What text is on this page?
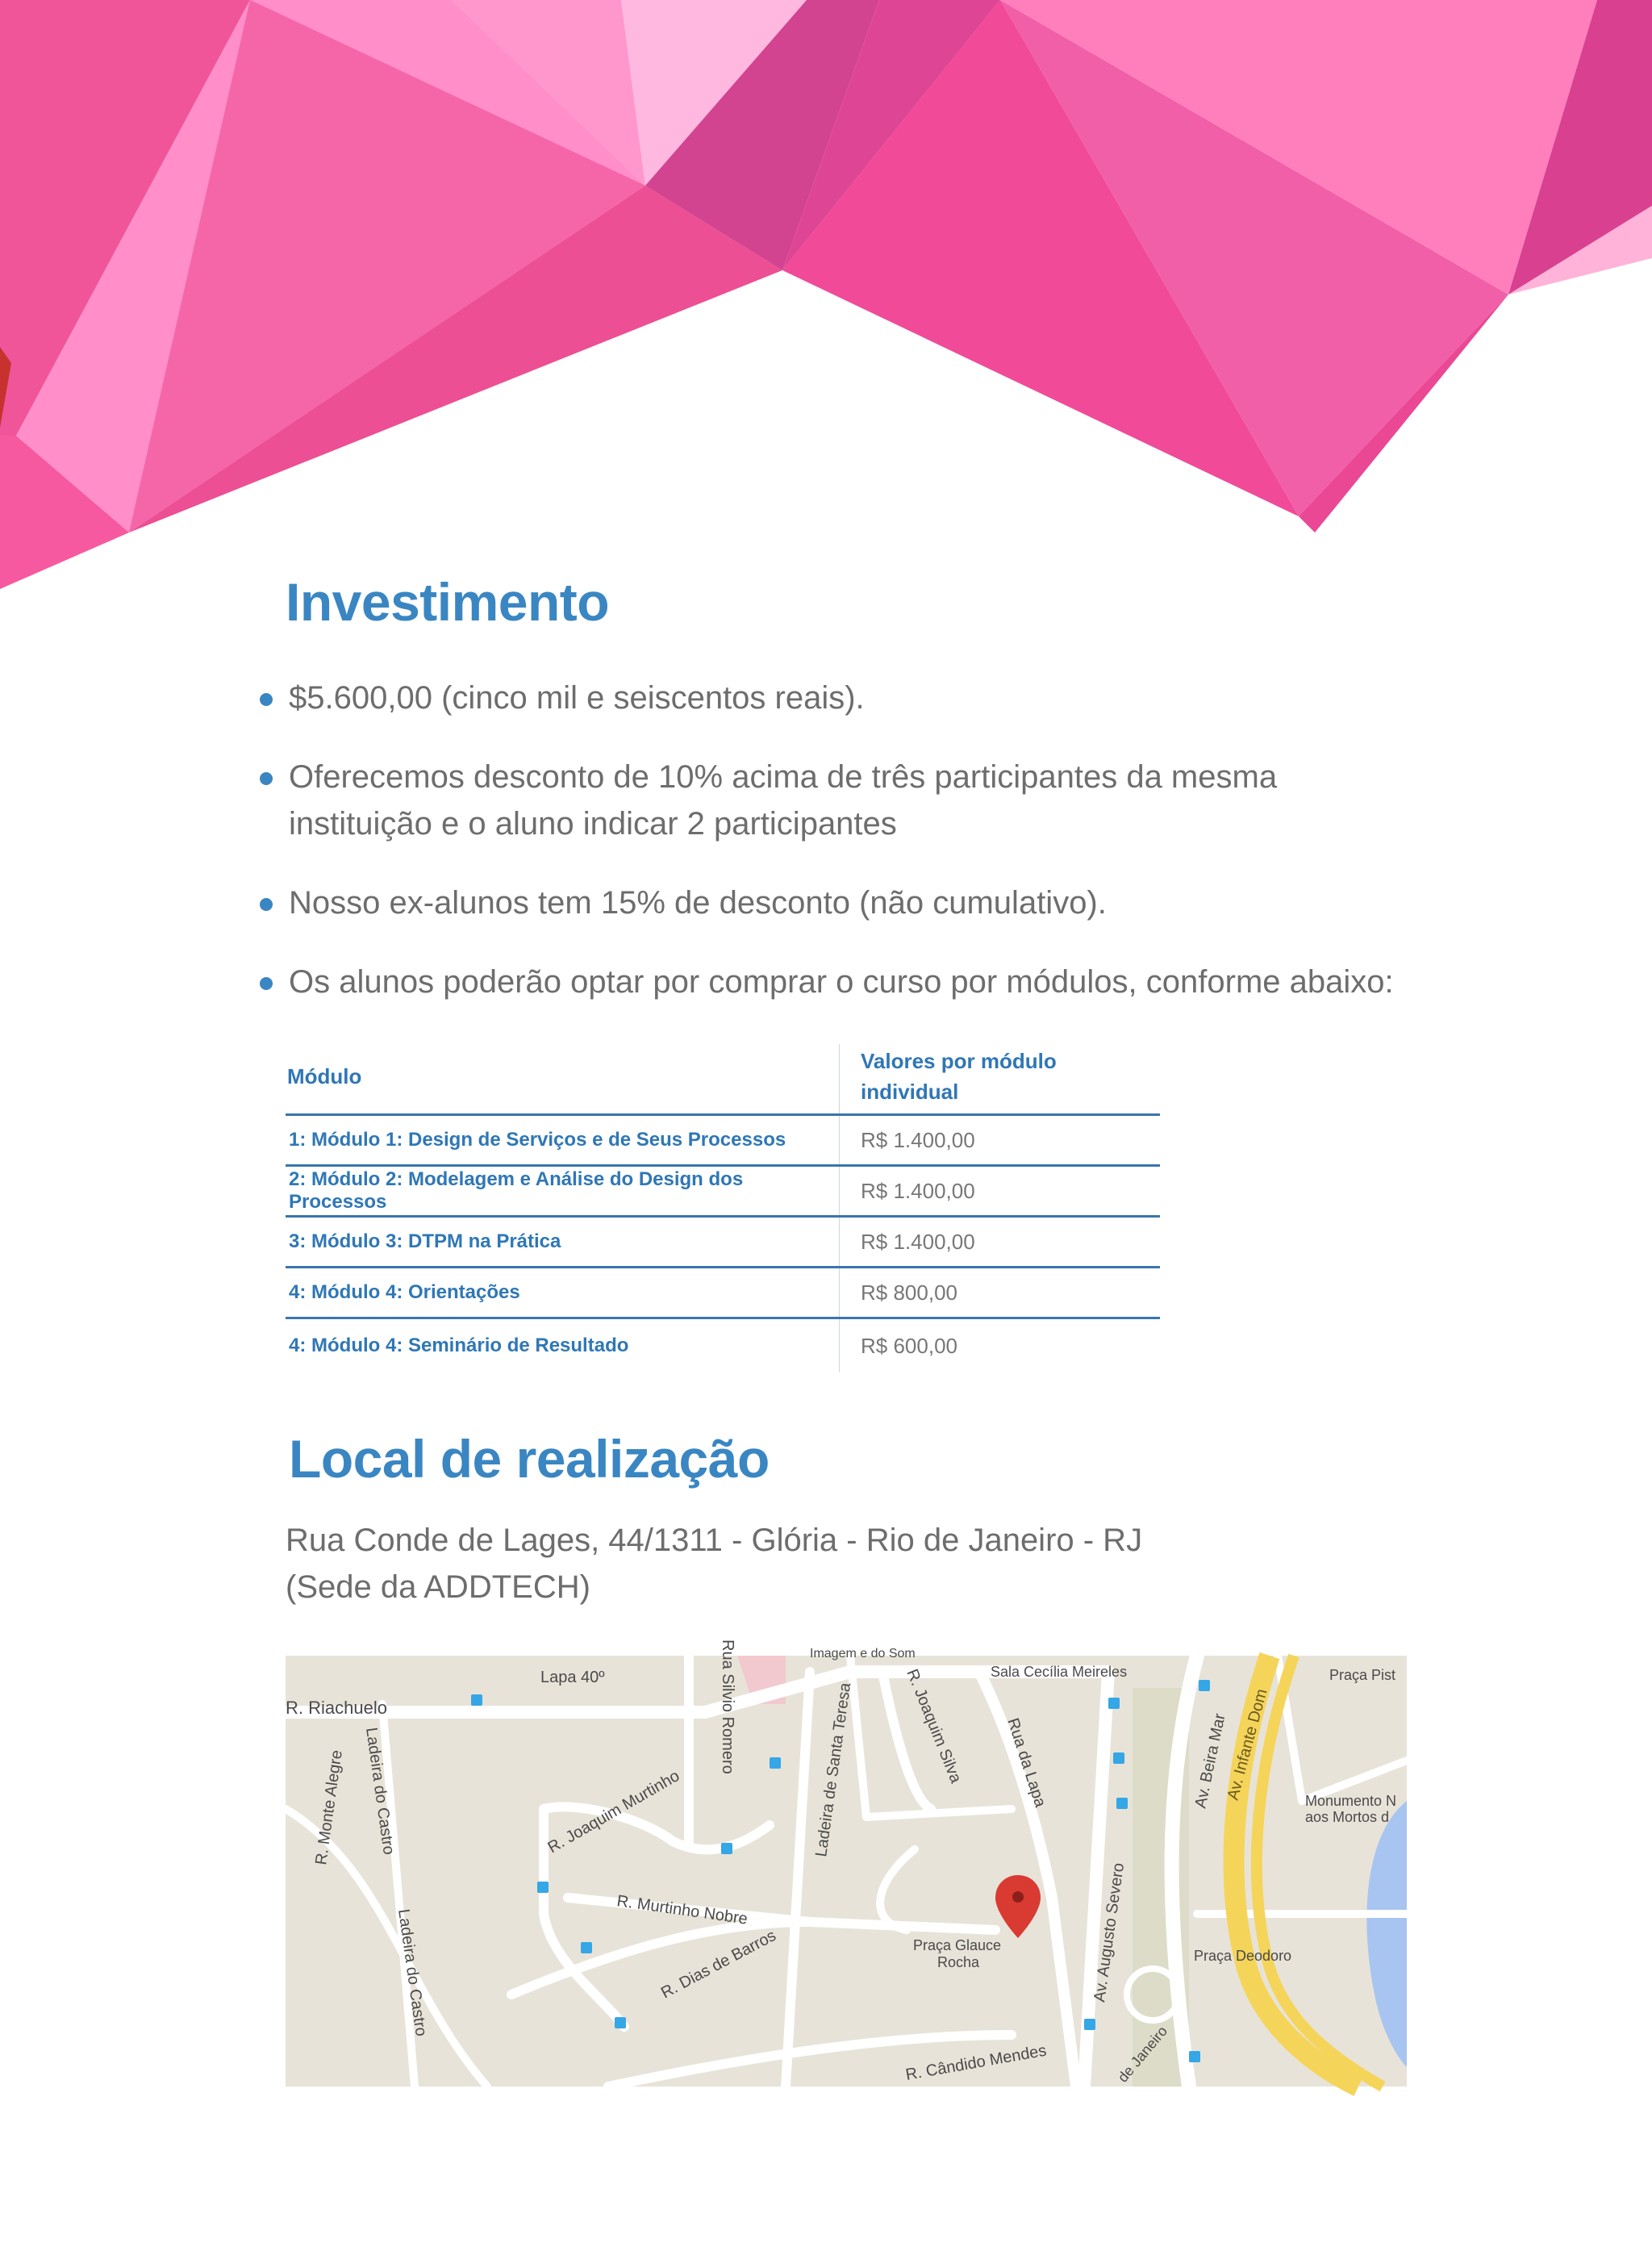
Investimento
$5.600,00 (cinco mil e seiscentos reais).
Oferecemos desconto de 10% acima de três participantes da mesma instituição e o aluno indicar 2 participantes
Nosso ex-alunos tem 15% de desconto (não cumulativo).
Os alunos poderão optar por comprar o curso por módulos, conforme abaixo:
Módulo	Valores por módulo individual
1: Módulo 1: Design de Serviços e de Seus Processos	R$ 1.400,00
2: Módulo 2: Modelagem e Análise do Design dos Processos	R$ 1.400,00
3: Módulo 3: DTPM na Prática	R$ 1.400,00
4: Módulo 4: Orientações	R$ 800,00
4: Módulo 4: Seminário de Resultado	R$ 600,00
Local de realização

Rua Conde de Lages, 44/1311 - Glória - Rio de Janeiro - RJ
(Sede da ADDTECH)

Lapa 40º
R. Riachuelo
R. Monte Alegre Ladeira do Castro
Ladeira do Castro
R. Joaquim Murtinho
R. Murtinho Nobre
R. Dias de Barros
Rua Silvio Romero	Ladeira de Santa Teresa	R. Joaquim Silva Rua da Lapa
Sala Cecília Meireles
Av. Augusto Severo
Av. Beira Mar
Av. Infante Dom
Praça Glauce
Rocha	Praça Deodoro
Monumento N
aos Mortos d
R. Cândido Mendes	de Janeiro
Praça Pist
Imagem e do Som
